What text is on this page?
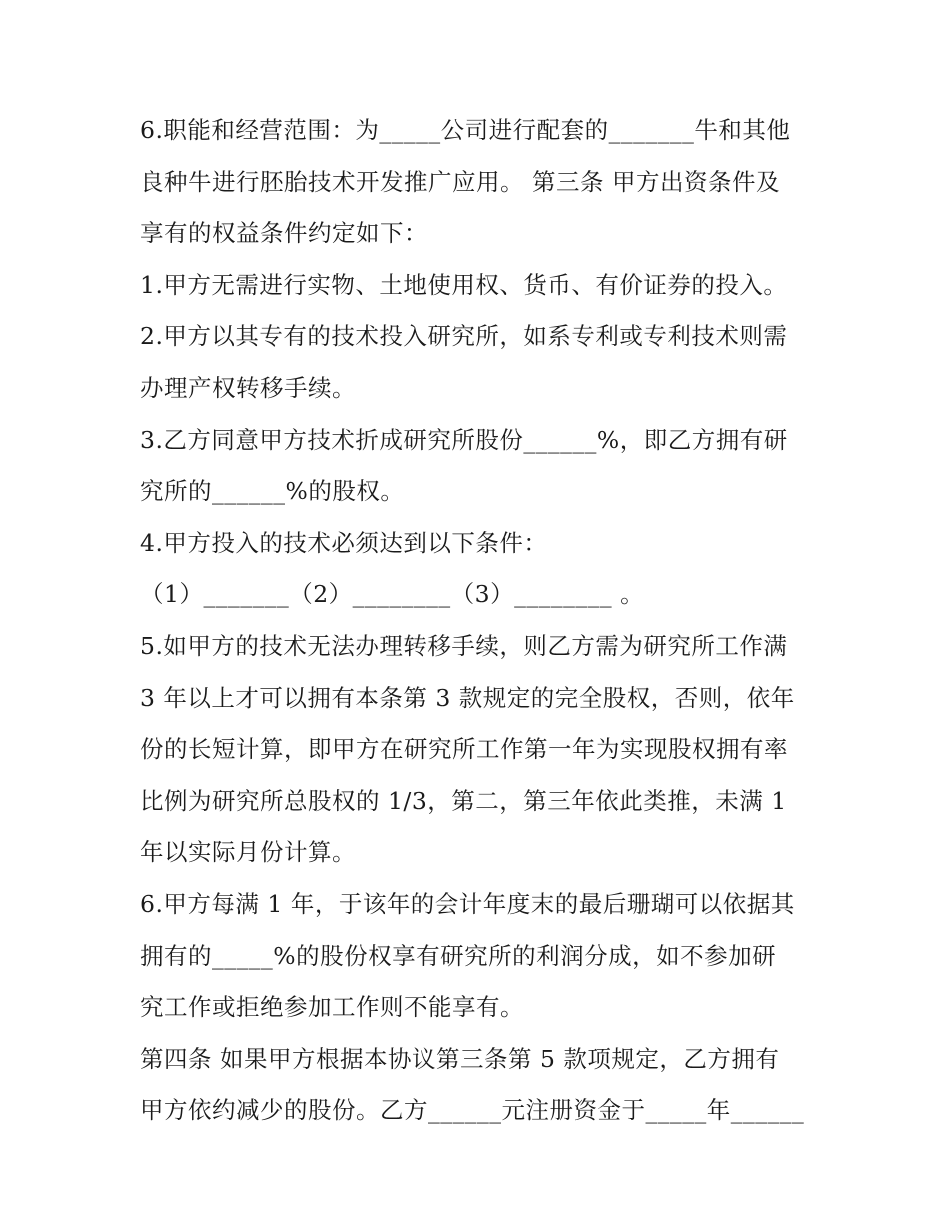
6.职能和经营范围：为_____公司进行配套的_______牛和其他
良种牛进行胚胎技术开发推广应用。 第三条 甲方出资条件及
享有的权益条件约定如下：
1.甲方无需进行实物、土地使用权、货币、有价证券的投入。
2.甲方以其专有的技术投入研究所，如系专利或专利技术则需
办理产权转移手续。
3.乙方同意甲方技术折成研究所股份______%，即乙方拥有研
究所的______%的股权。
4.甲方投入的技术必须达到以下条件：
（1）_______（2）________（3）________ 。
5.如甲方的技术无法办理转移手续，则乙方需为研究所工作满
3 年以上才可以拥有本条第 3 款规定的完全股权，否则，依年
份的长短计算，即甲方在研究所工作第一年为实现股权拥有率
比例为研究所总股权的 1/3，第二，第三年依此类推，未满 1
年以实际月份计算。
6.甲方每满 1 年，于该年的会计年度末的最后珊瑚可以依据其
拥有的_____%的股份权享有研究所的利润分成，如不参加研
究工作或拒绝参加工作则不能享有。
第四条 如果甲方根据本协议第三条第 5 款项规定，乙方拥有
甲方依约减少的股份。乙方______元注册资金于_____年______
